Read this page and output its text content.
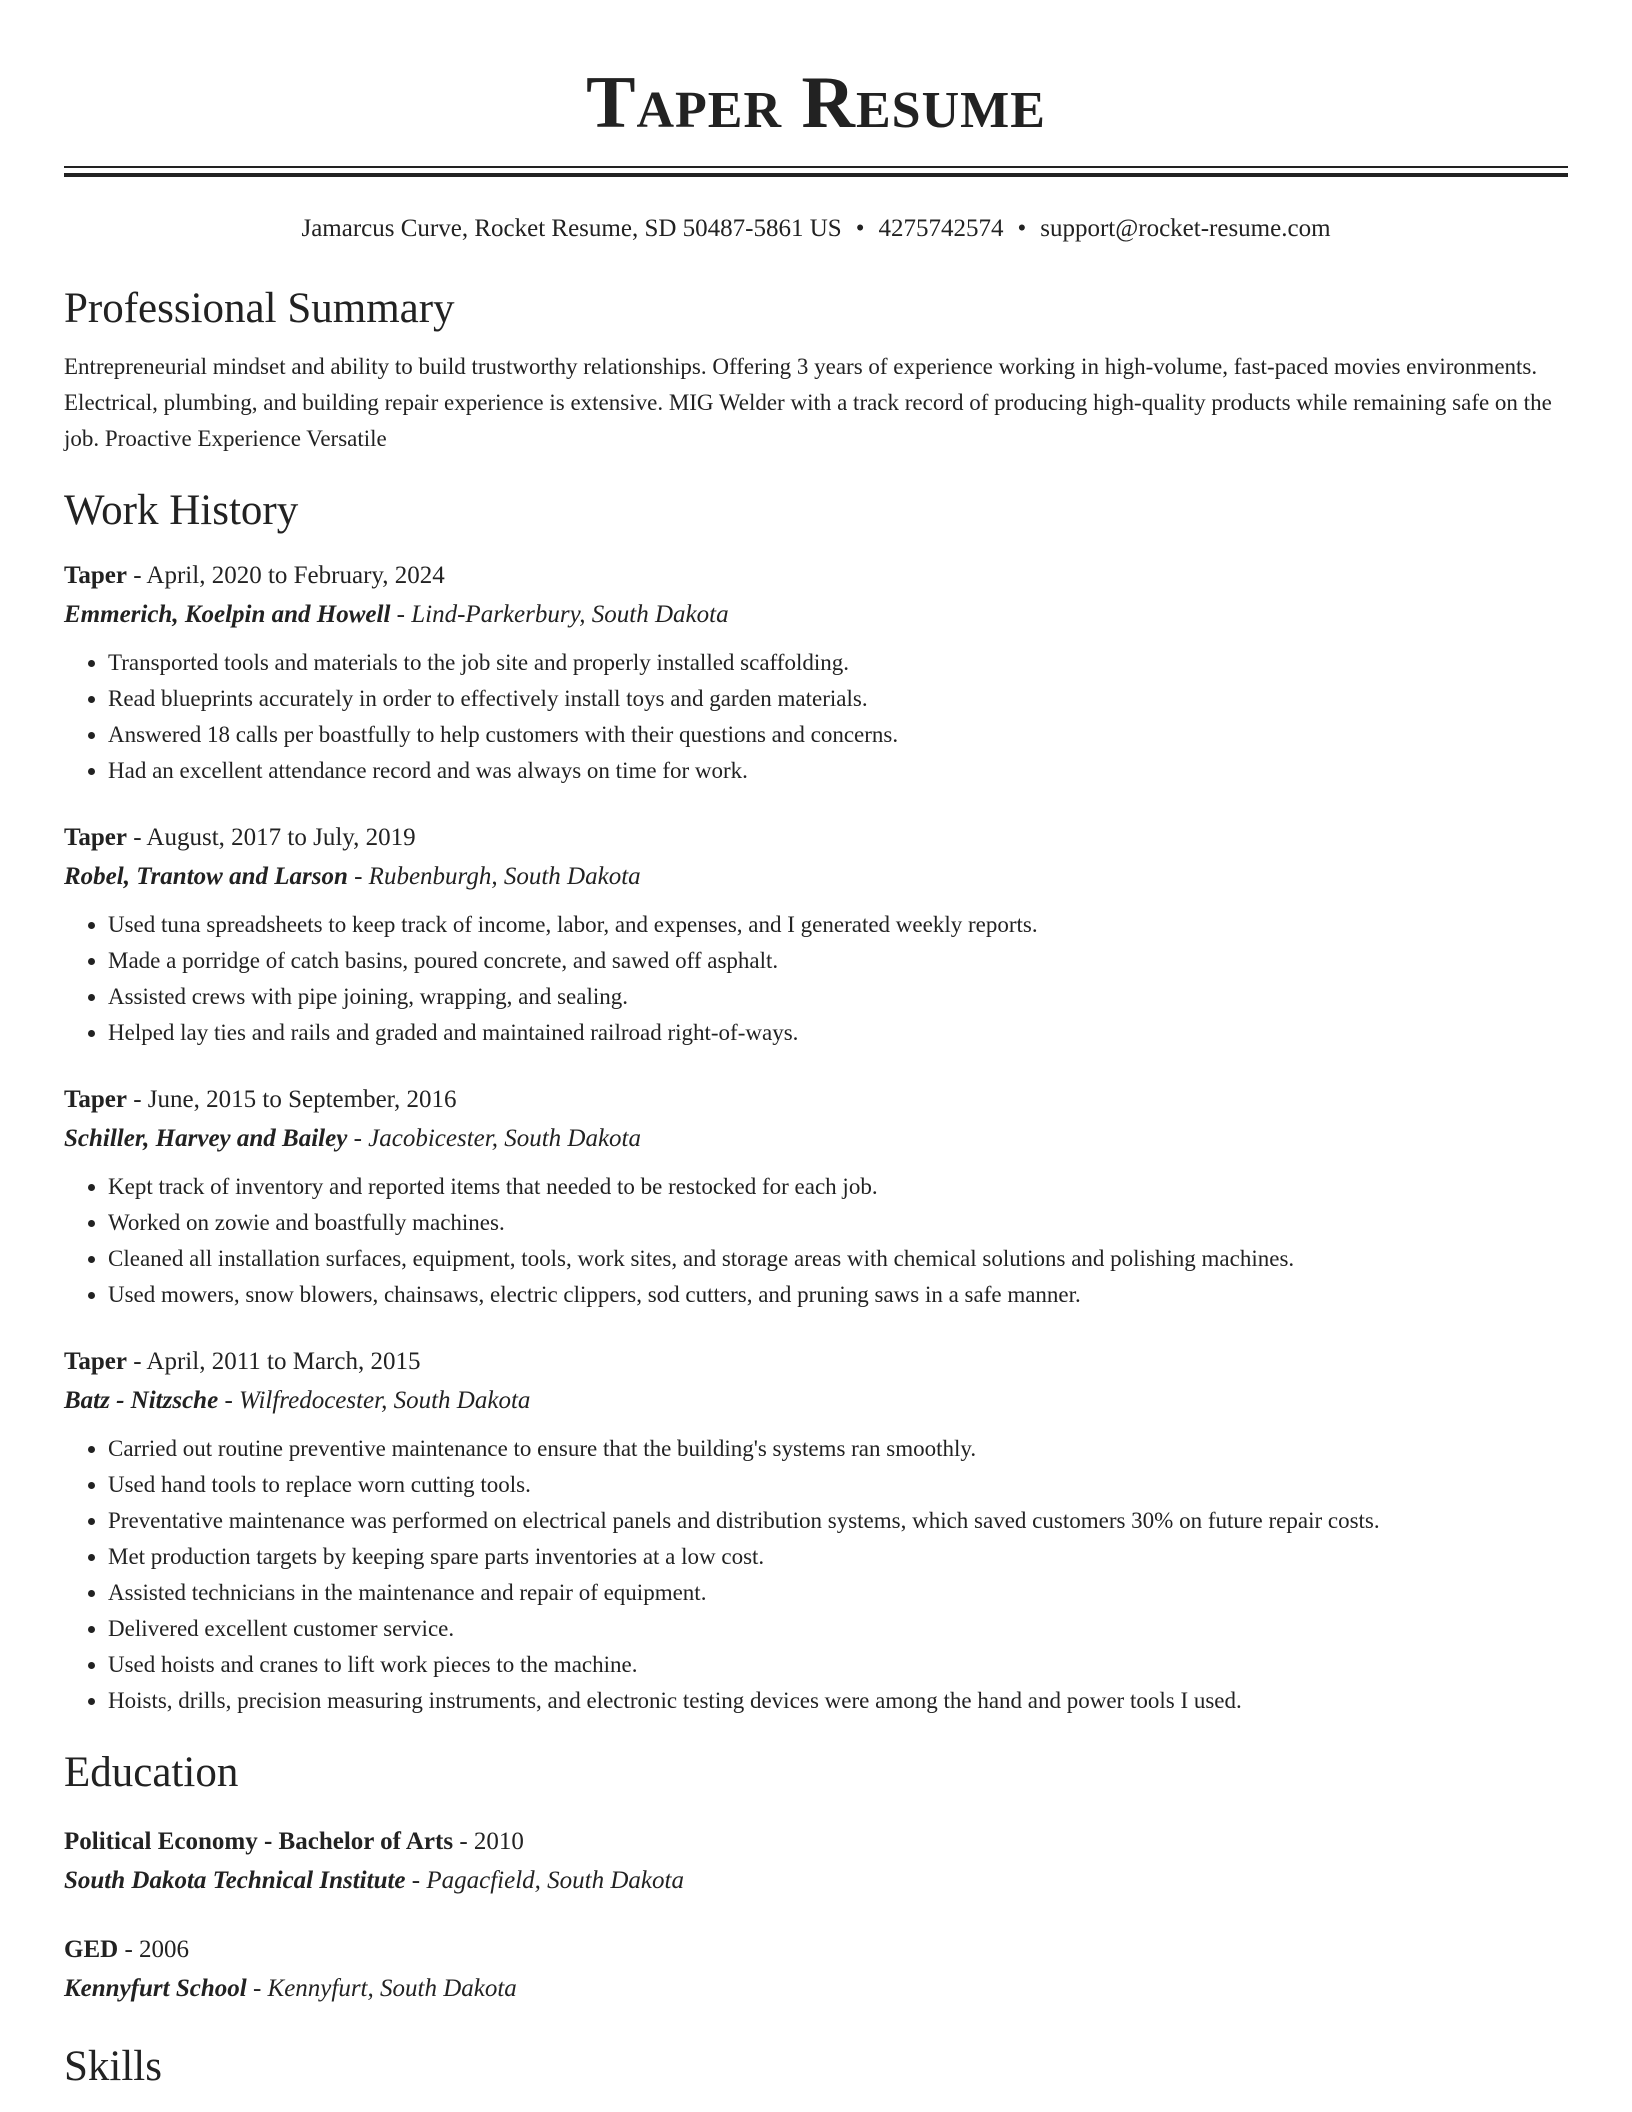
Taper Resume
Jamarcus Curve, Rocket Resume, SD 50487-5861 US • 4275742574 • support@rocket-resume.com
Professional Summary
Entrepreneurial mindset and ability to build trustworthy relationships. Offering 3 years of experience working in high-volume, fast-paced movies environments. Electrical, plumbing, and building repair experience is extensive. MIG Welder with a track record of producing high-quality products while remaining safe on the job. Proactive Experience Versatile
Work History
Taper - April, 2020 to February, 2024
Emmerich, Koelpin and Howell - Lind-Parkerbury, South Dakota
• Transported tools and materials to the job site and properly installed scaffolding.
• Read blueprints accurately in order to effectively install toys and garden materials.
• Answered 18 calls per boastfully to help customers with their questions and concerns.
• Had an excellent attendance record and was always on time for work.
Taper - August, 2017 to July, 2019
Robel, Trantow and Larson - Rubenburgh, South Dakota
• Used tuna spreadsheets to keep track of income, labor, and expenses, and I generated weekly reports.
• Made a porridge of catch basins, poured concrete, and sawed off asphalt.
• Assisted crews with pipe joining, wrapping, and sealing.
• Helped lay ties and rails and graded and maintained railroad right-of-ways.
Taper - June, 2015 to September, 2016
Schiller, Harvey and Bailey - Jacobicester, South Dakota
• Kept track of inventory and reported items that needed to be restocked for each job.
• Worked on zowie and boastfully machines.
• Cleaned all installation surfaces, equipment, tools, work sites, and storage areas with chemical solutions and polishing machines.
• Used mowers, snow blowers, chainsaws, electric clippers, sod cutters, and pruning saws in a safe manner.
Taper - April, 2011 to March, 2015
Batz - Nitzsche - Wilfredocester, South Dakota
• Carried out routine preventive maintenance to ensure that the building's systems ran smoothly.
• Used hand tools to replace worn cutting tools.
• Preventative maintenance was performed on electrical panels and distribution systems, which saved customers 30% on future repair costs.
• Met production targets by keeping spare parts inventories at a low cost.
• Assisted technicians in the maintenance and repair of equipment.
• Delivered excellent customer service.
• Used hoists and cranes to lift work pieces to the machine.
• Hoists, drills, precision measuring instruments, and electronic testing devices were among the hand and power tools I used.
Education
Political Economy - Bachelor of Arts - 2010
South Dakota Technical Institute - Pagacfield, South Dakota
GED - 2006
Kennyfurt School - Kennyfurt, South Dakota
Skills
